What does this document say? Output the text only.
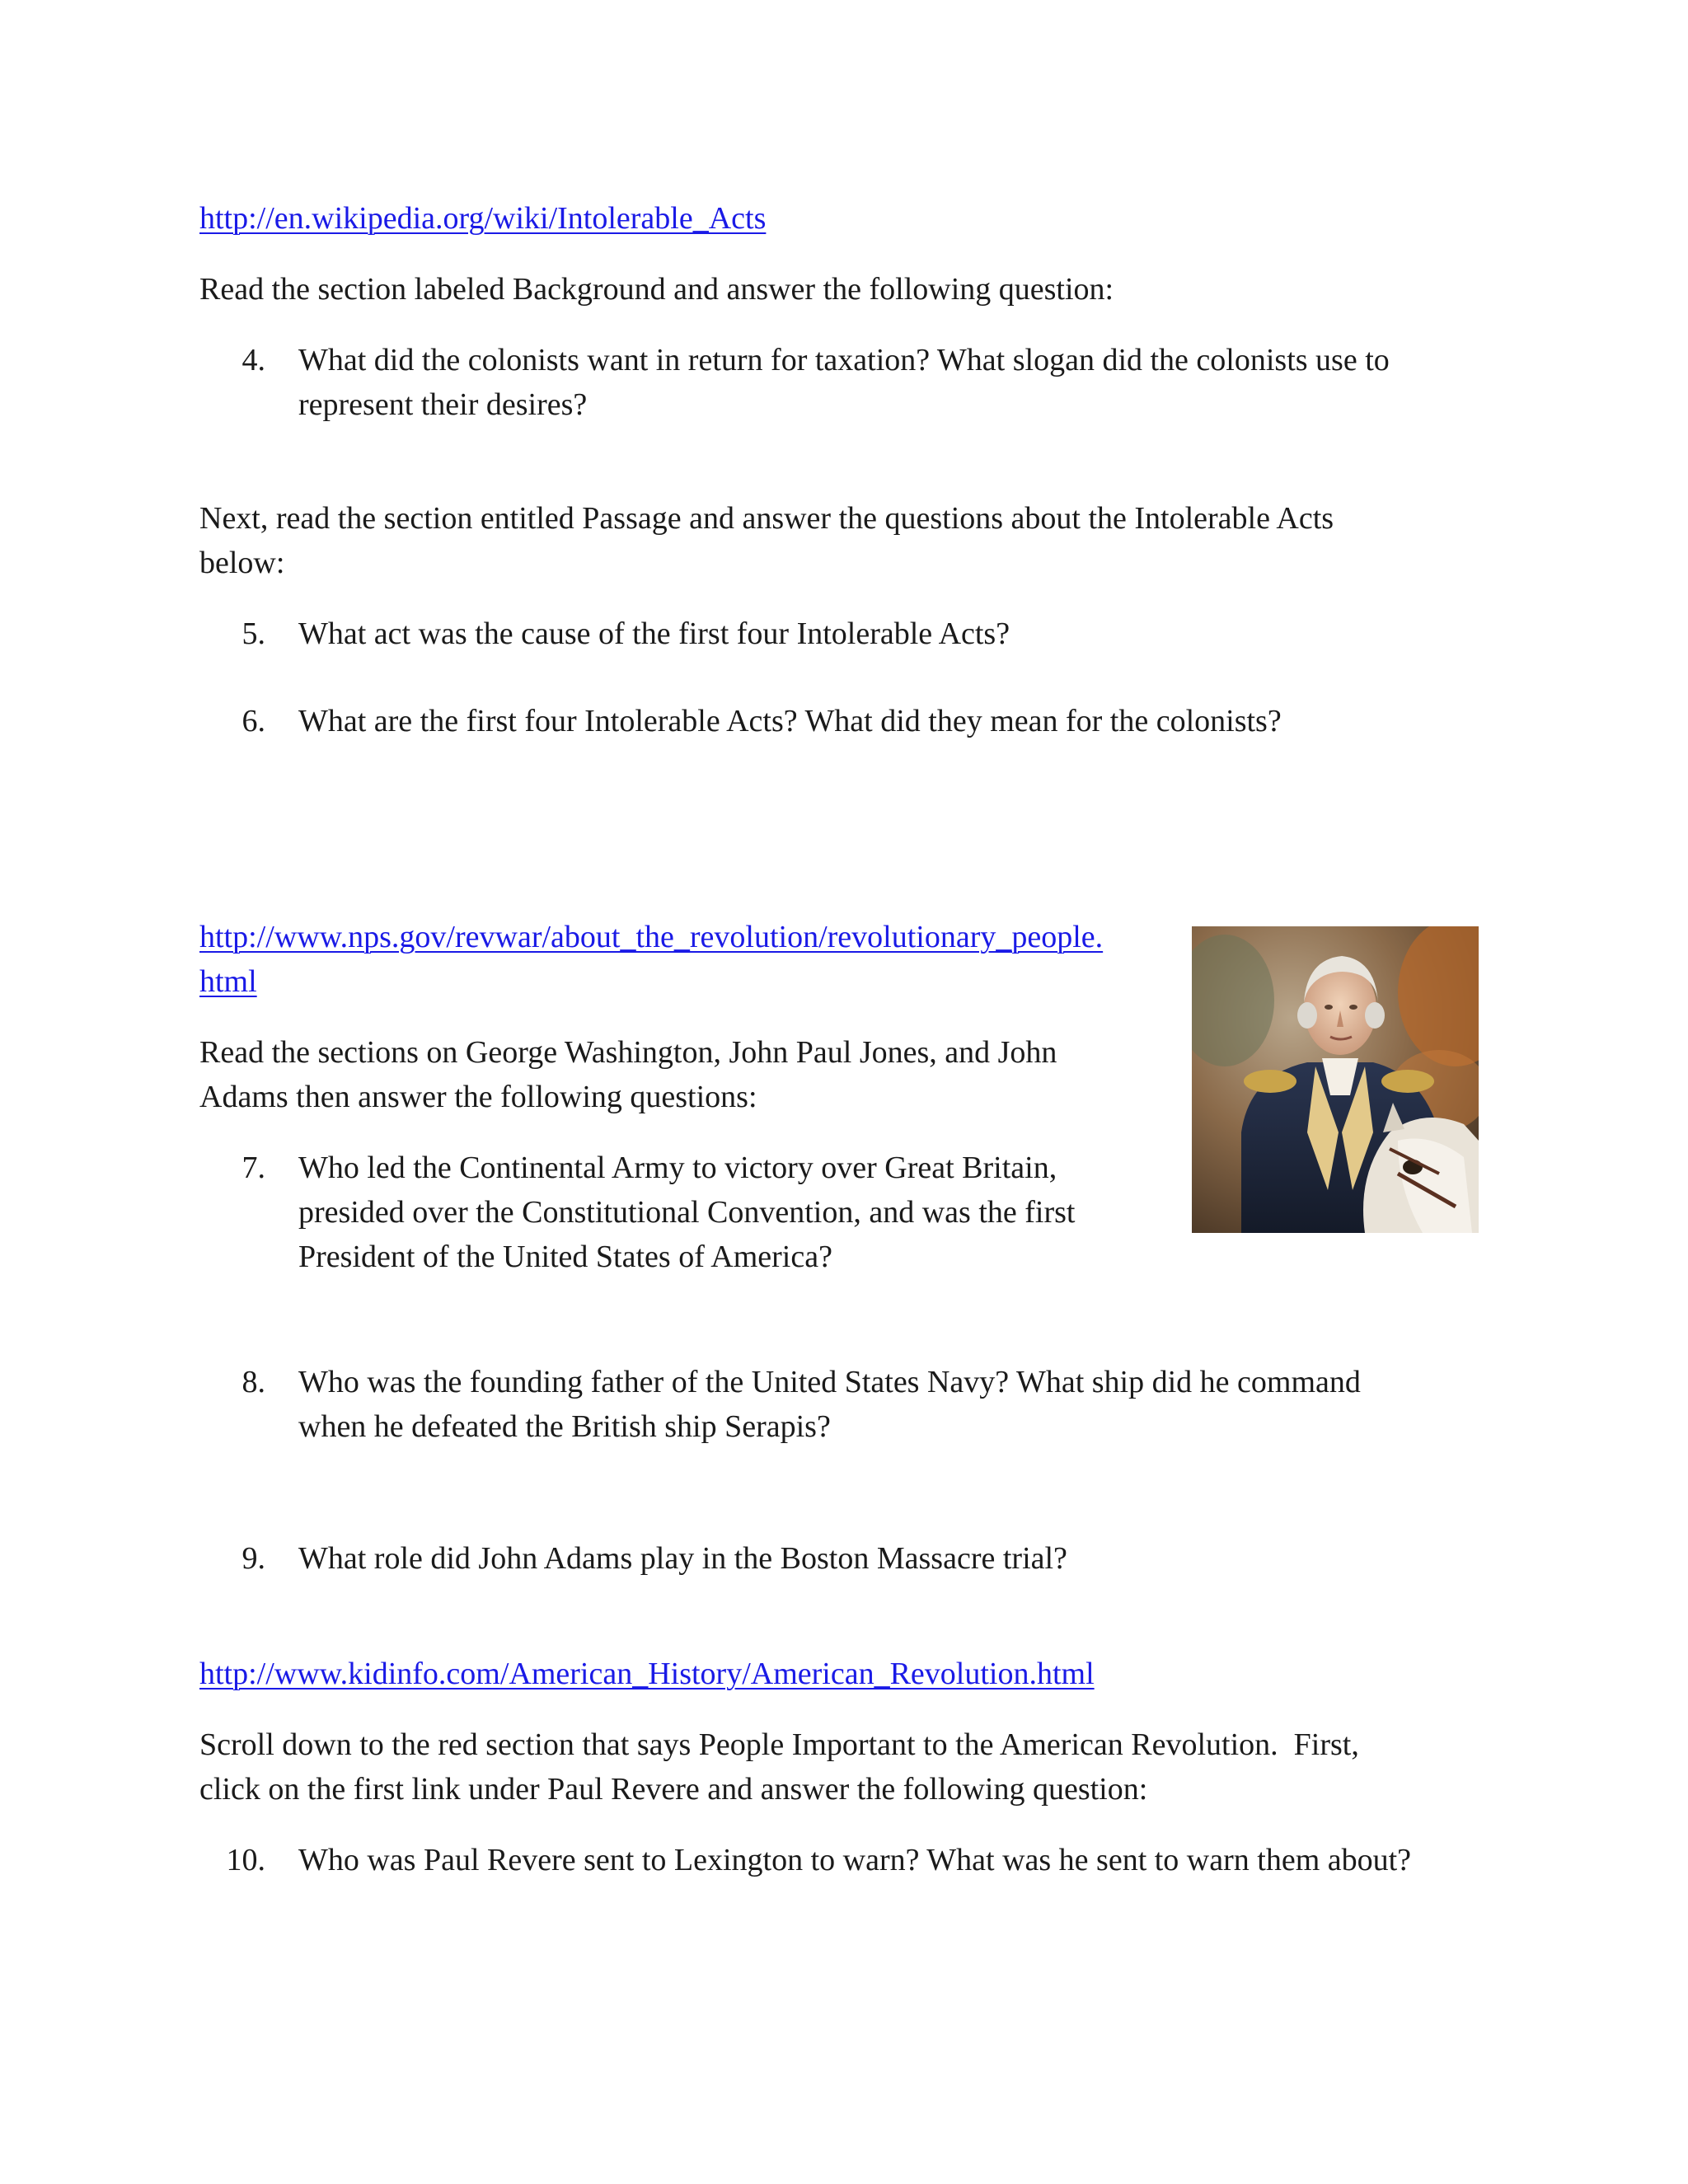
http://en.wikipedia.org/wiki/Intolerable_Acts
Read the section labeled Background and answer the following question:
4. What did the colonists want in return for taxation? What slogan did the colonists use to
represent their desires?
Next, read the section entitled Passage and answer the questions about the Intolerable Acts
below:
5. What act was the cause of the first four Intolerable Acts?
6. What are the first four Intolerable Acts? What did they mean for the colonists?
http://www.nps.gov/revwar/about_the_revolution/revolutionary_people.
html
Read the sections on George Washington, John Paul Jones, and John
Adams then answer the following questions:
7. Who led the Continental Army to victory over Great Britain,
presided over the Constitutional Convention, and was the first
President of the United States of America?
8. Who was the founding father of the United States Navy? What ship did he command
when he defeated the British ship Serapis?
9. What role did John Adams play in the Boston Massacre trial?
http://www.kidinfo.com/American_History/American_Revolution.html
Scroll down to the red section that says People Important to the American Revolution.  First,
click on the first link under Paul Revere and answer the following question:
10. Who was Paul Revere sent to Lexington to warn? What was he sent to warn them about?
